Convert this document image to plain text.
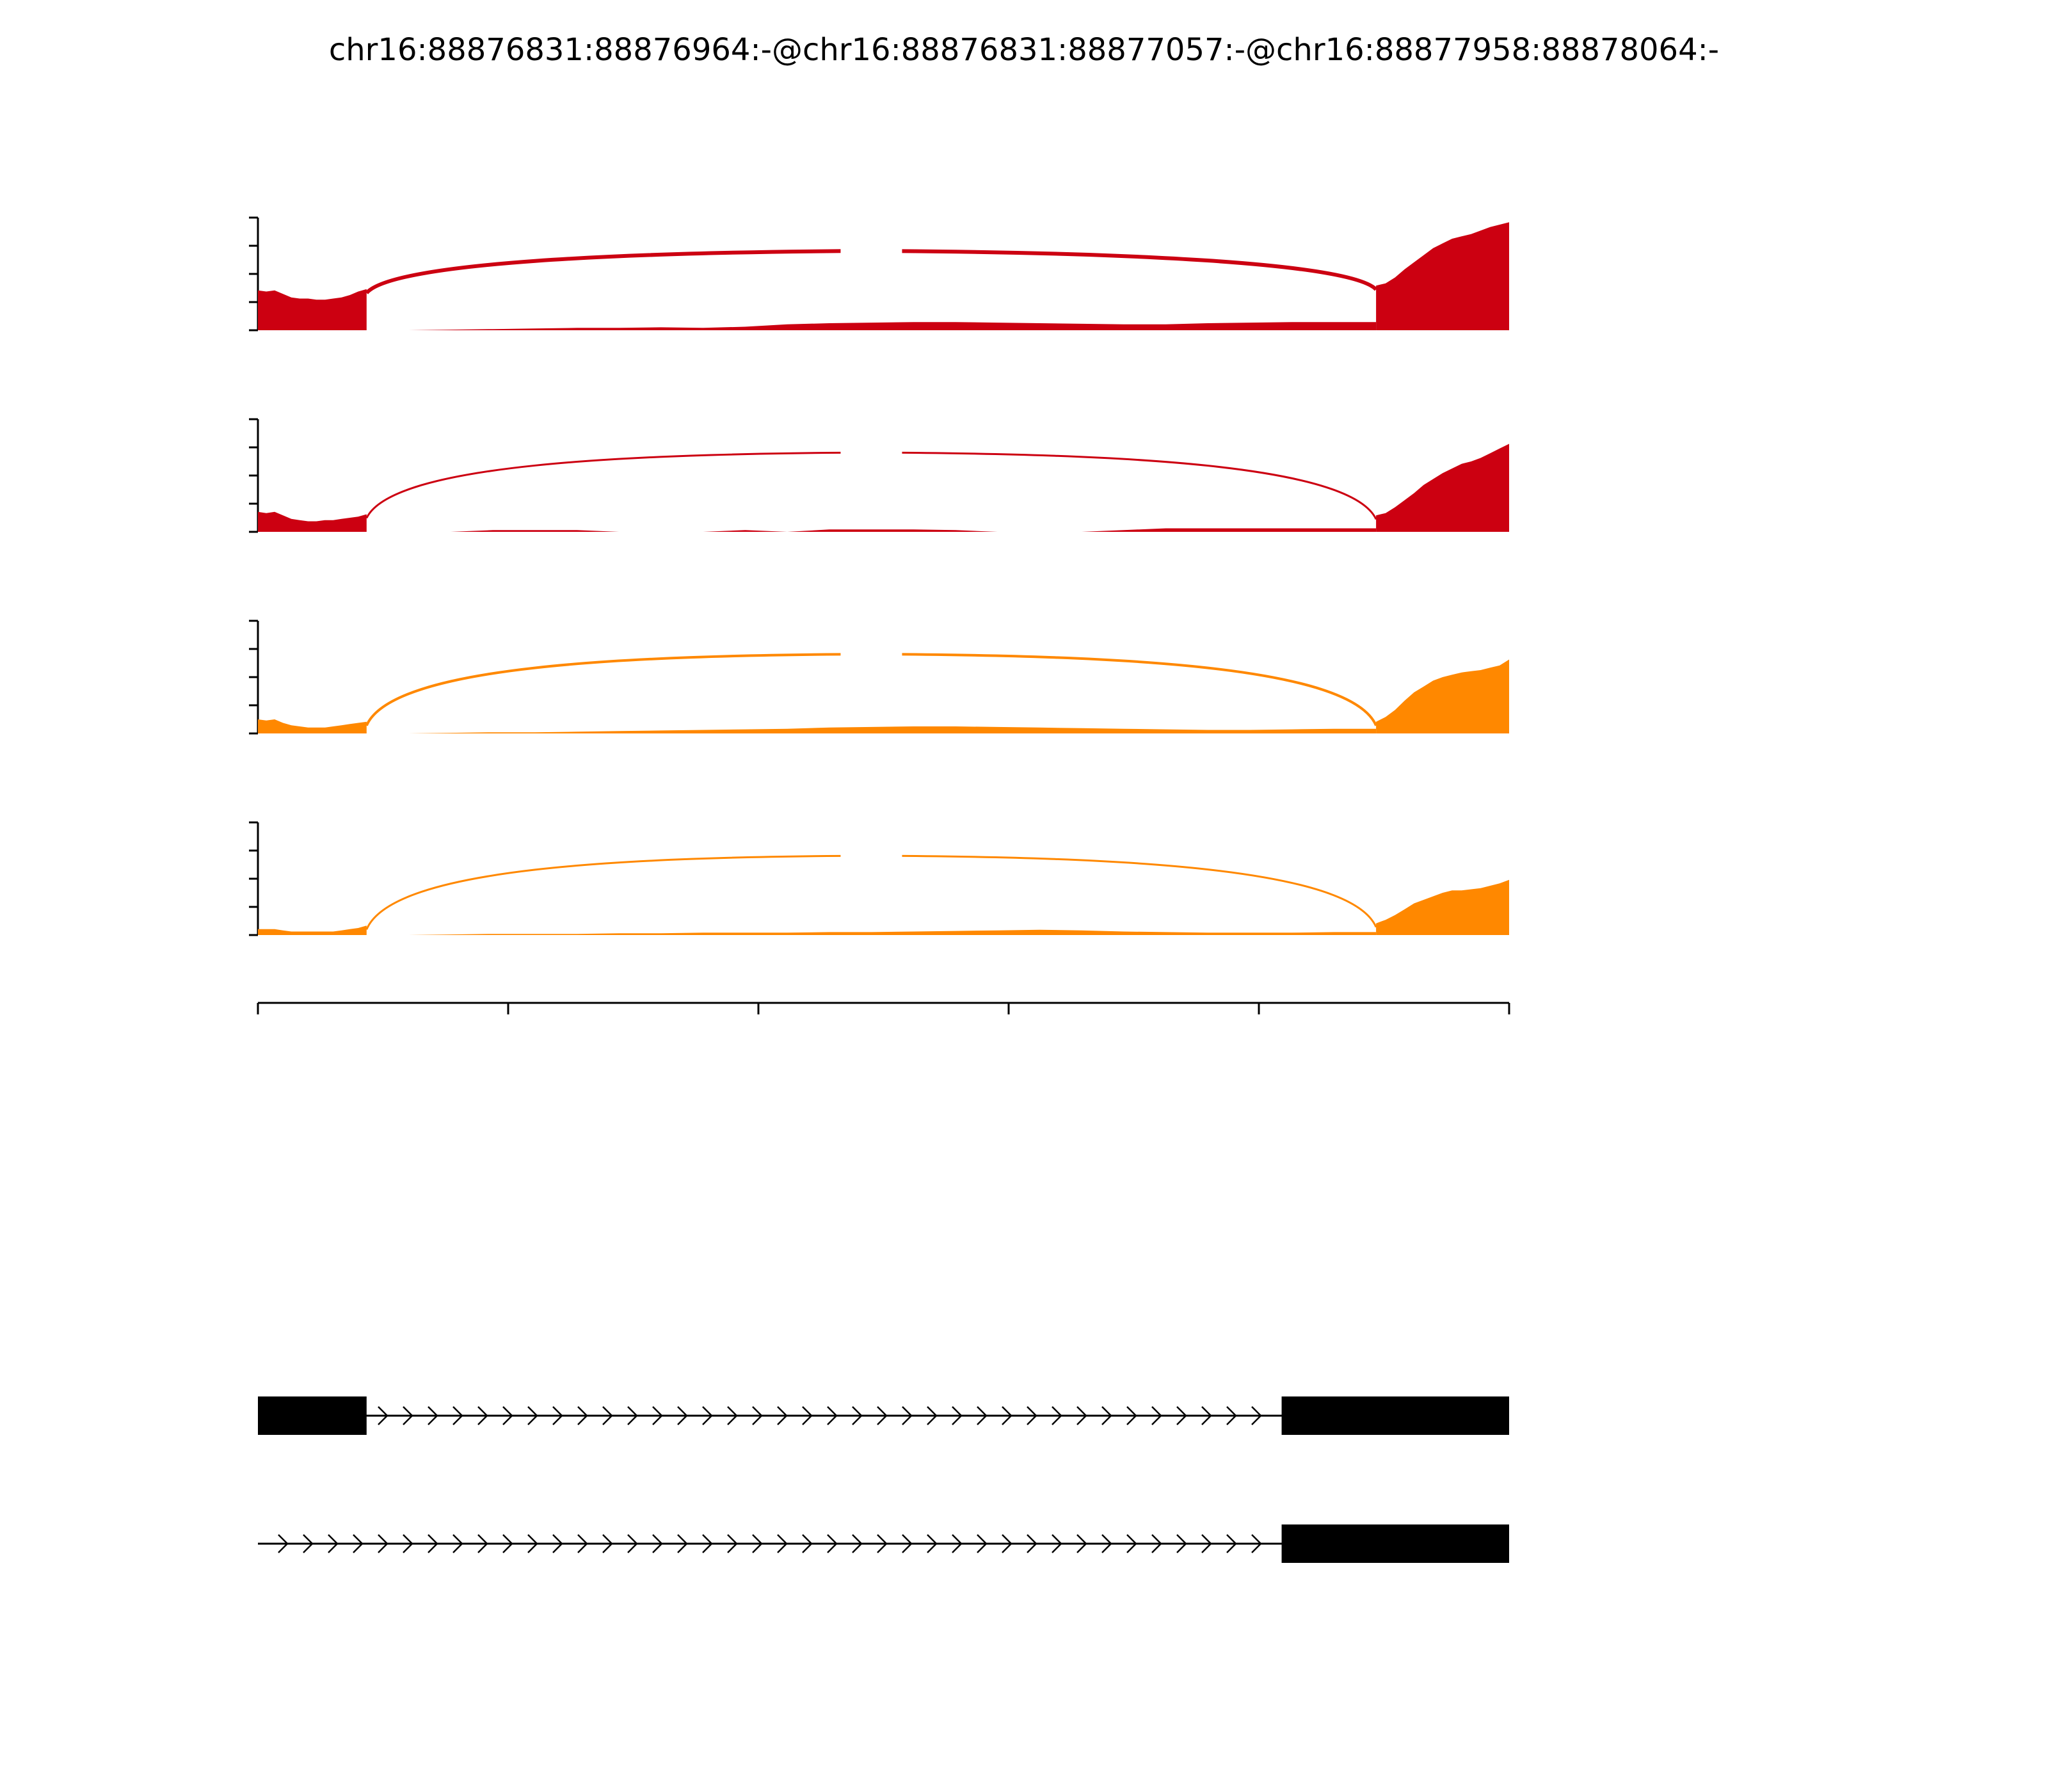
chr16:88876831:88876964:-@chr16:88876831:88877057:-@chr16:88877958:88878064:-
